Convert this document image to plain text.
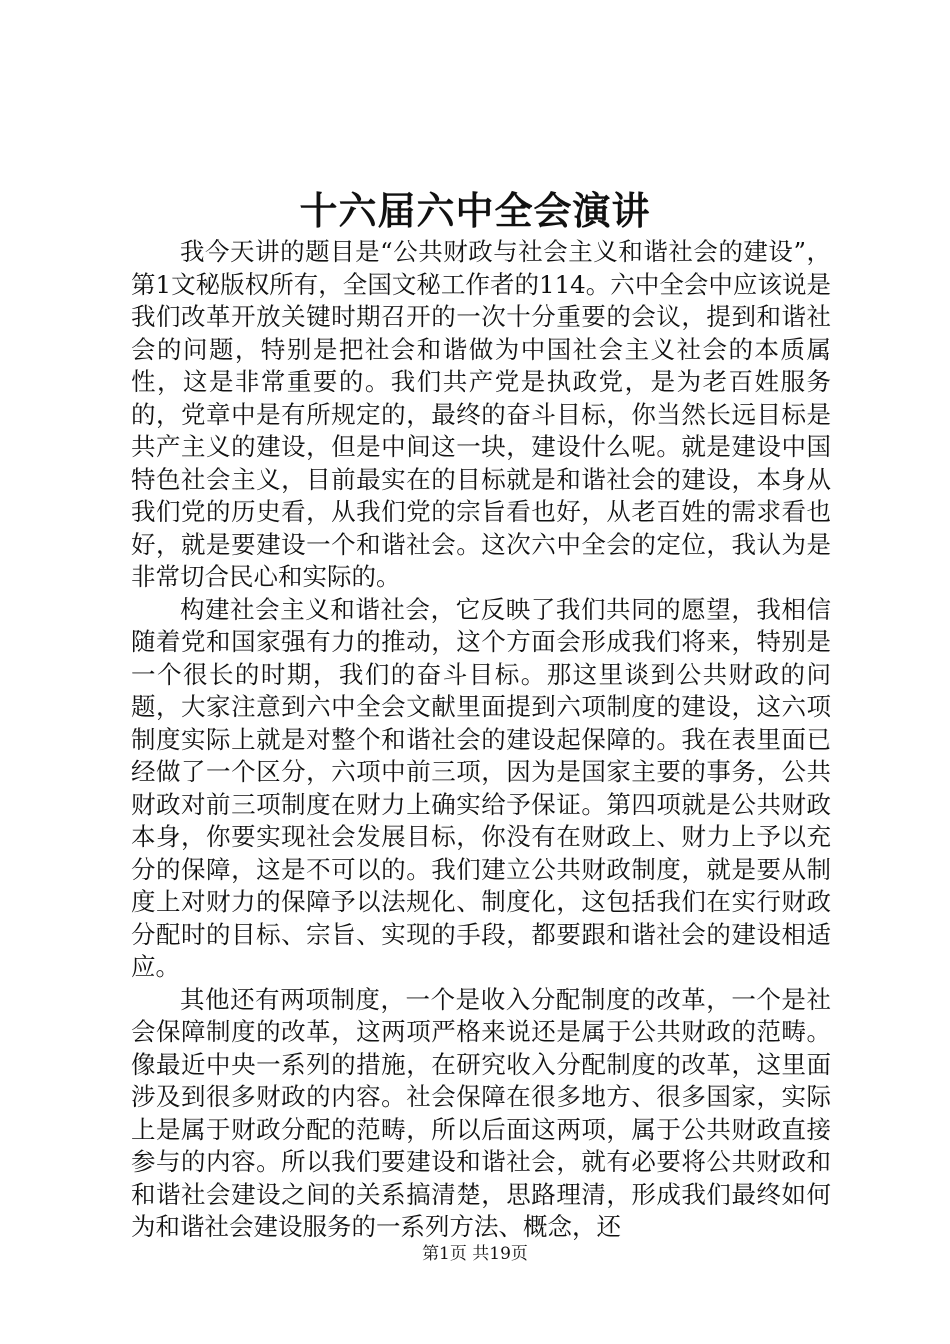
十六届六中全会演讲

我今天讲的题目是“公共财政与社会主义和谐社会的建设”，第1文秘版权所有，全国文秘工作者的114。六中全会中应该说是我们改革开放关键时期召开的一次十分重要的会议，提到和谐社会的问题，特别是把社会和谐做为中国社会主义社会的本质属性，这是非常重要的。我们共产党是执政党，是为老百姓服务的，党章中是有所规定的，最终的奋斗目标，你当然长远目标是共产主义的建设，但是中间这一块，建设什么呢。就是建设中国特色社会主义，目前最实在的目标就是和谐社会的建设，本身从我们党的历史看，从我们党的宗旨看也好，从老百姓的需求看也好，就是要建设一个和谐社会。这次六中全会的定位，我认为是非常切合民心和实际的。

构建社会主义和谐社会，它反映了我们共同的愿望，我相信随着党和国家强有力的推动，这个方面会形成我们将来，特别是一个很长的时期，我们的奋斗目标。那这里谈到公共财政的问题，大家注意到六中全会文献里面提到六项制度的建设，这六项制度实际上就是对整个和谐社会的建设起保障的。我在表里面已经做了一个区分，六项中前三项，因为是国家主要的事务，公共财政对前三项制度在财力上确实给予保证。第四项就是公共财政本身，你要实现社会发展目标，你没有在财政上、财力上予以充分的保障，这是不可以的。我们建立公共财政制度，就是要从制度上对财力的保障予以法规化、制度化，这包括我们在实行财政分配时的目标、宗旨、实现的手段，都要跟和谐社会的建设相适应。

其他还有两项制度，一个是收入分配制度的改革，一个是社会保障制度的改革，这两项严格来说还是属于公共财政的范畴。像最近中央一系列的措施，在研究收入分配制度的改革，这里面涉及到很多财政的内容。社会保障在很多地方、很多国家，实际上是属于财政分配的范畴，所以后面这两项，属于公共财政直接参与的内容。所以我们要建设和谐社会，就有必要将公共财政和和谐社会建设之间的关系搞清楚，思路理清，形成我们最终如何为和谐社会建设服务的一系列方法、概念，还

第1页 共19页
